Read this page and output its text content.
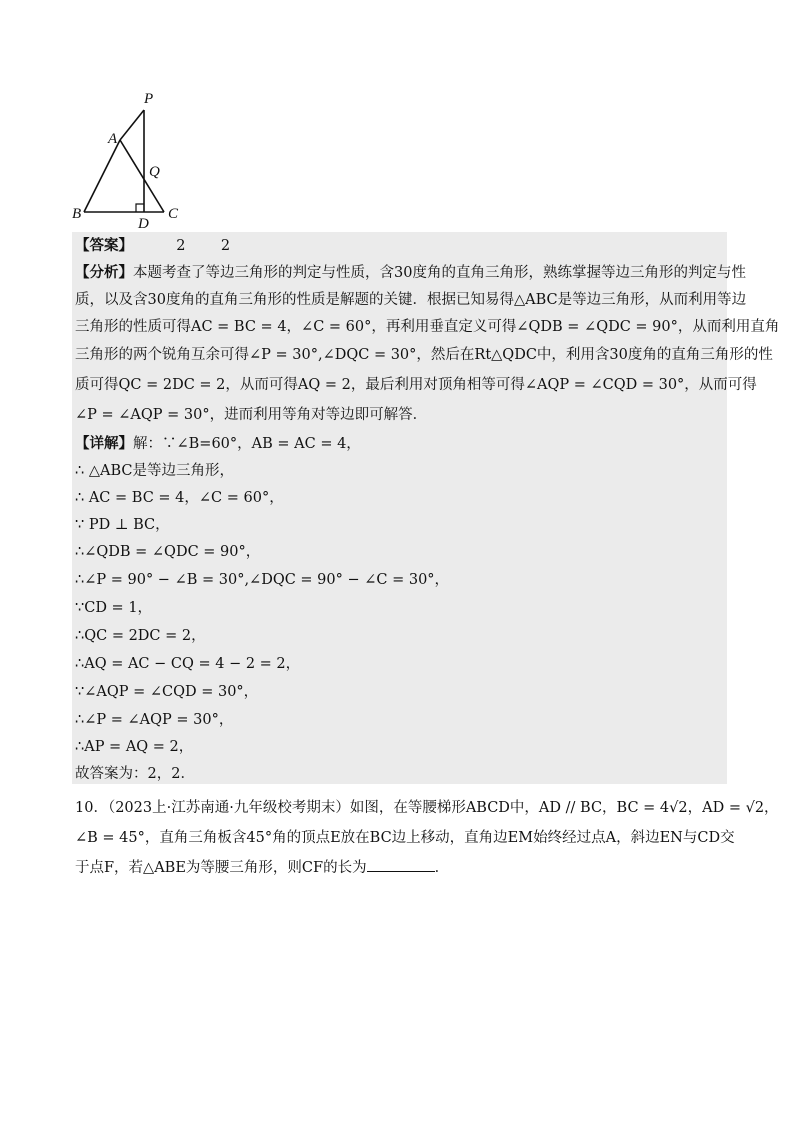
P
A
Q
B
D
C
【答案】	2 2
【分析】本题考查了等边三角形的判定与性质，含30度角的直角三角形，熟练掌握等边三角形的判定与性
质，以及含30度角的直角三角形的性质是解题的关键．根据已知易得△ABC是等边三角形，从而利用等边
三角形的性质可得AC = BC = 4，∠C = 60°，再利用垂直定义可得∠QDB = ∠QDC = 90°，从而利用直角
三角形的两个锐角互余可得∠P = 30°,∠DQC = 30°，然后在Rt△QDC中，利用含30度角的直角三角形的性
质可得QC = 2DC = 2，从而可得AQ = 2，最后利用对顶角相等可得∠AQP = ∠CQD = 30°，从而可得
∠P = ∠AQP = 30°，进而利用等角对等边即可解答．
【详解】解：∵∠B=60°，AB = AC = 4，
∴ △ABC是等边三角形，
∴ AC = BC = 4，∠C = 60°，
∵ PD ⊥ BC，
∴∠QDB = ∠QDC = 90°，
∴∠P = 90° − ∠B = 30°,∠DQC = 90° − ∠C = 30°，
∵CD = 1，
∴QC = 2DC = 2，
∴AQ = AC − CQ = 4 − 2 = 2，
∵∠AQP = ∠CQD = 30°，
∴∠P = ∠AQP = 30°，
∴AP = AQ = 2，
故答案为：2，2．
10．（2023上·江苏南通·九年级校考期末）如图，在等腰梯形ABCD中，AD // BC，BC = 4√2，AD = √2，
∠B = 45°，直角三角板含45°角的顶点E放在BC边上移动，直角边EM始终经过点A，斜边EN与CD交
于点F，若△ABE为等腰三角形，则CF的长为	．
